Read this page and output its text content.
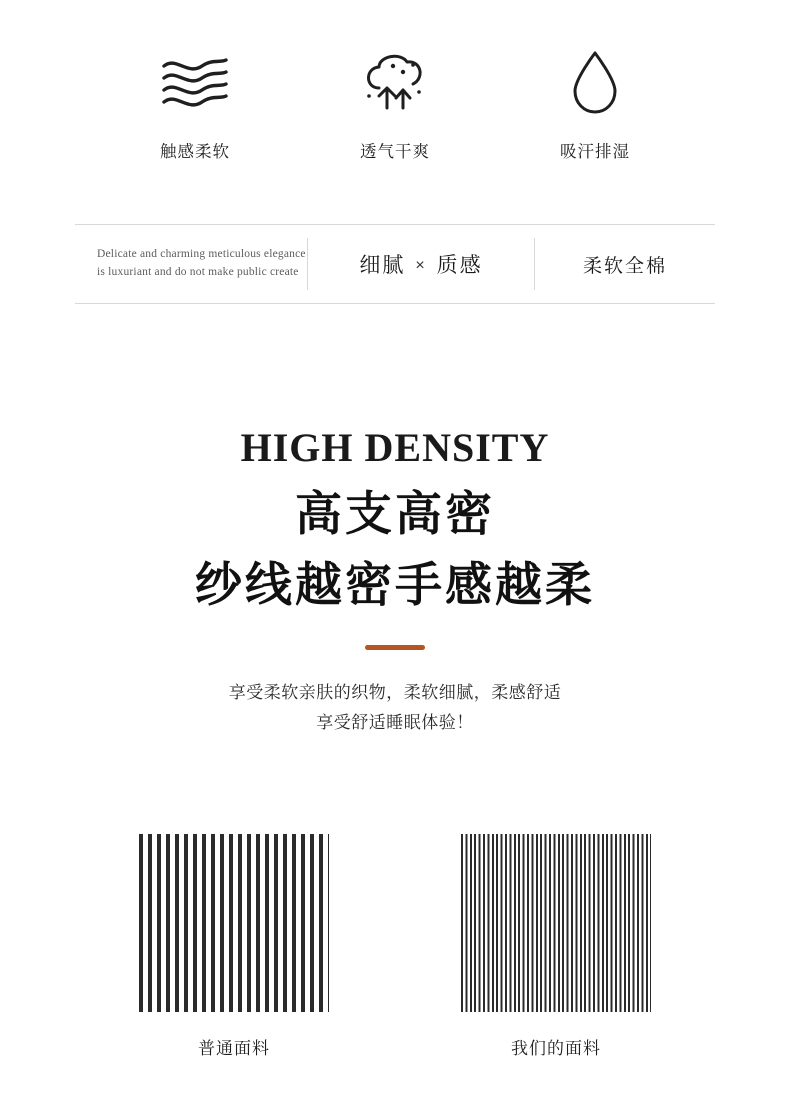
触感柔软	透气干爽	吸汗排湿
Delicate and charming meticulous elegance is luxuriant and do not make public create	细腻 × 质感	柔软全棉
HIGH DENSITY
高支高密
纱线越密手感越柔
享受柔软亲肤的织物，柔软细腻，柔感舒适
享受舒适睡眠体验！
普通面料	我们的面料
